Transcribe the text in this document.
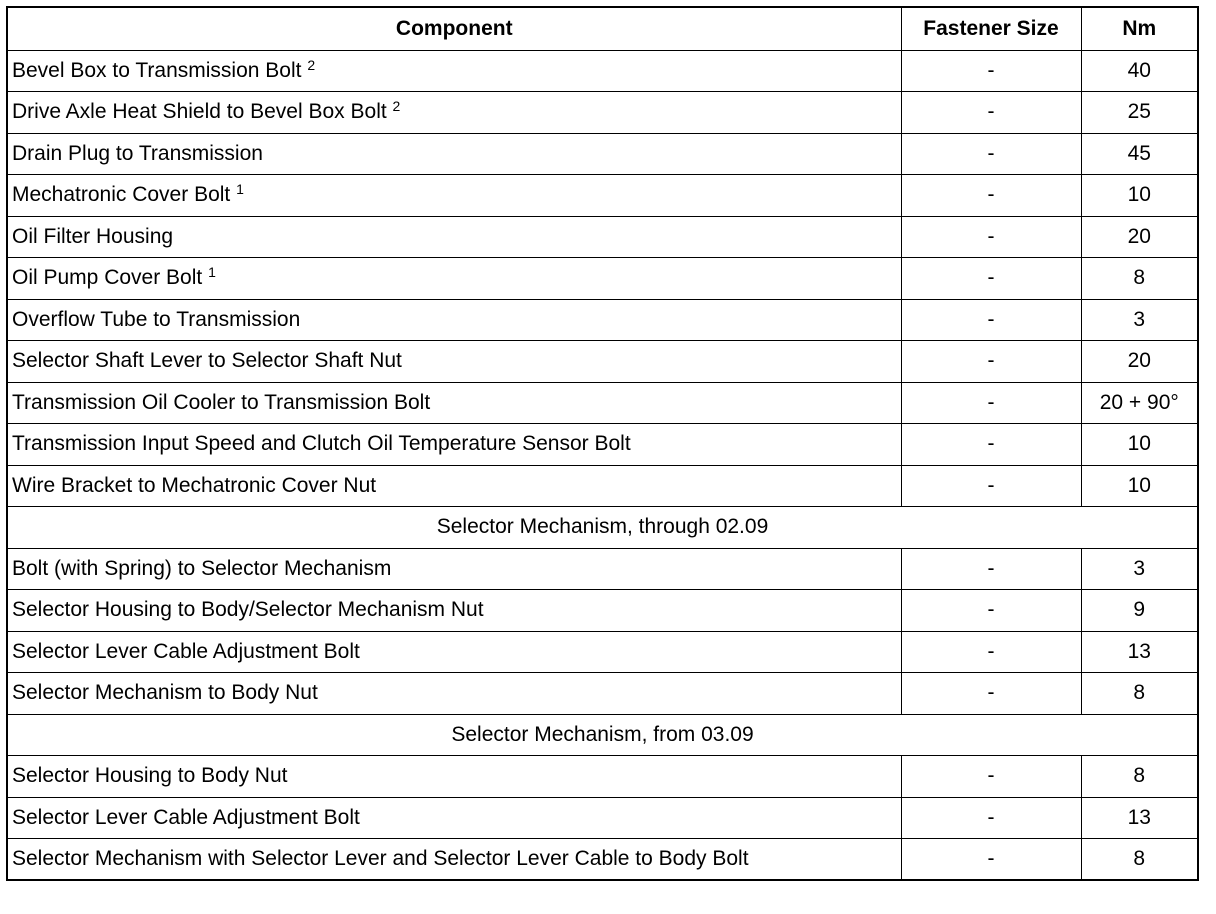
Component	Fastener Size	Nm
Bevel Box to Transmission Bolt $^2$	-	40
Drive Axle Heat Shield to Bevel Box Bolt $^2$	-	25
Drain Plug to Transmission	-	45
Mechatronic Cover Bolt $^1$	-	10
Oil Filter Housing	-	20
Oil Pump Cover Bolt $^1$	-	8
Overflow Tube to Transmission	-	3
Selector Shaft Lever to Selector Shaft Nut	-	20
Transmission Oil Cooler to Transmission Bolt	-	20 + 90°
Transmission Input Speed and Clutch Oil Temperature Sensor Bolt	-	10
Wire Bracket to Mechatronic Cover Nut	-	10
Selector Mechanism, through 02.09		
Bolt (with Spring) to Selector Mechanism	-	3
Selector Housing to Body/Selector Mechanism Nut	-	9
Selector Lever Cable Adjustment Bolt	-	13
Selector Mechanism to Body Nut	-	8
Selector Mechanism, from 03.09		
Selector Housing to Body Nut	-	8
Selector Lever Cable Adjustment Bolt	-	13
Selector Mechanism with Selector Lever and Selector Lever Cable to Body Bolt	-	8
